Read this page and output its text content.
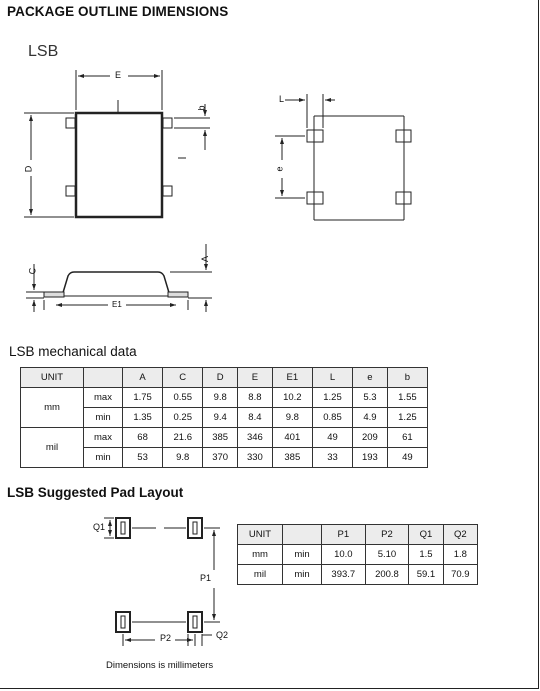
PACKAGE OUTLINE DIMENSIONS
LSB
E
b
D
L
e
C
A
E1
Q1
P1
P2	Q2
LSB mechanical data
UNIT		A	C	D	E	E1	L	e	b
mm	max	1.75	0.55	9.8	8.8	10.2	1.25	5.3	1.55
	min	1.35	0.25	9.4	8.4	9.8	0.85	4.9	1.25
mil	max	68	21.6	385	346	401	49	209	61
	min	53	9.8	370	330	385	33	193	49
LSB Suggested Pad Layout
UNIT		P1	P2	Q1	Q2
mm	min	10.0	5.10	1.5	1.8
mil	min	393.7	200.8	59.1	70.9
Dimensions is millimeters
